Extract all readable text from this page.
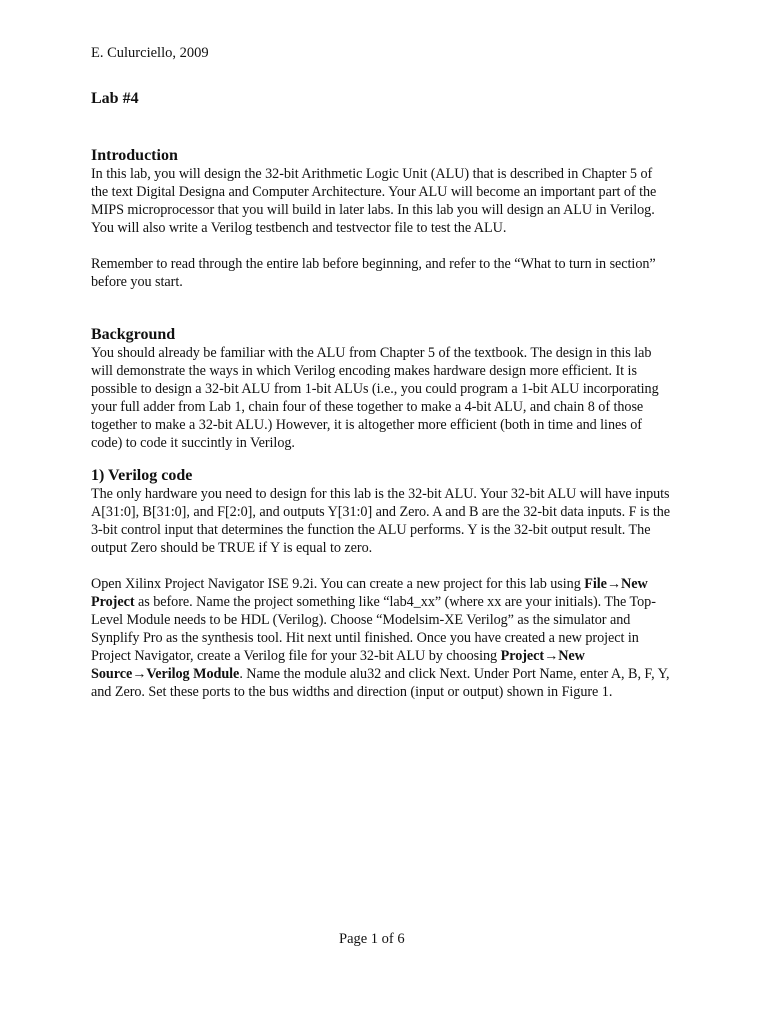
E. Culurciello, 2009
Lab #4
Introduction

In this lab, you will design the 32-bit Arithmetic Logic Unit (ALU) that is described in Chapter 5 of the text Digital Designa and Computer Architecture. Your ALU will become an important part of the MIPS microprocessor that you will build in later labs. In this lab you will design an ALU in Verilog. You will also write a Verilog testbench and testvector file to test the ALU.

Remember to read through the entire lab before beginning, and refer to the “What to turn in section” before you start.

Background

You should already be familiar with the ALU from Chapter 5 of the textbook. The design in this lab will demonstrate the ways in which Verilog encoding makes hardware design more efficient. It is possible to design a 32-bit ALU from 1-bit ALUs (i.e., you could program a 1-bit ALU incorporating your full adder from Lab 1, chain four of these together to make a 4-bit ALU, and chain 8 of those together to make a 32-bit ALU.) However, it is altogether more efficient (both in time and lines of code) to code it succintly in Verilog.

1) Verilog code

The only hardware you need to design for this lab is the 32-bit ALU. Your 32-bit ALU will have inputs A[31:0], B[31:0], and F[2:0], and outputs Y[31:0] and Zero. A and B are the 32-bit data inputs. F is the 3-bit control input that determines the function the ALU performs. Y is the 32-bit output result. The output Zero should be TRUE if Y is equal to zero.

Open Xilinx Project Navigator ISE 9.2i. You can create a new project for this lab using File→New Project as before. Name the project something like “lab4_xx” (where xx are your initials). The Top-Level Module needs to be HDL (Verilog). Choose “Modelsim-XE Verilog” as the simulator and Synplify Pro as the synthesis tool. Hit next until finished. Once you have created a new project in Project Navigator, create a Verilog file for your 32-bit ALU by choosing Project→New Source→Verilog Module. Name the module alu32 and click Next. Under Port Name, enter A, B, F, Y, and Zero. Set these ports to the bus widths and direction (input or output) shown in Figure 1.

Page 1 of 6
